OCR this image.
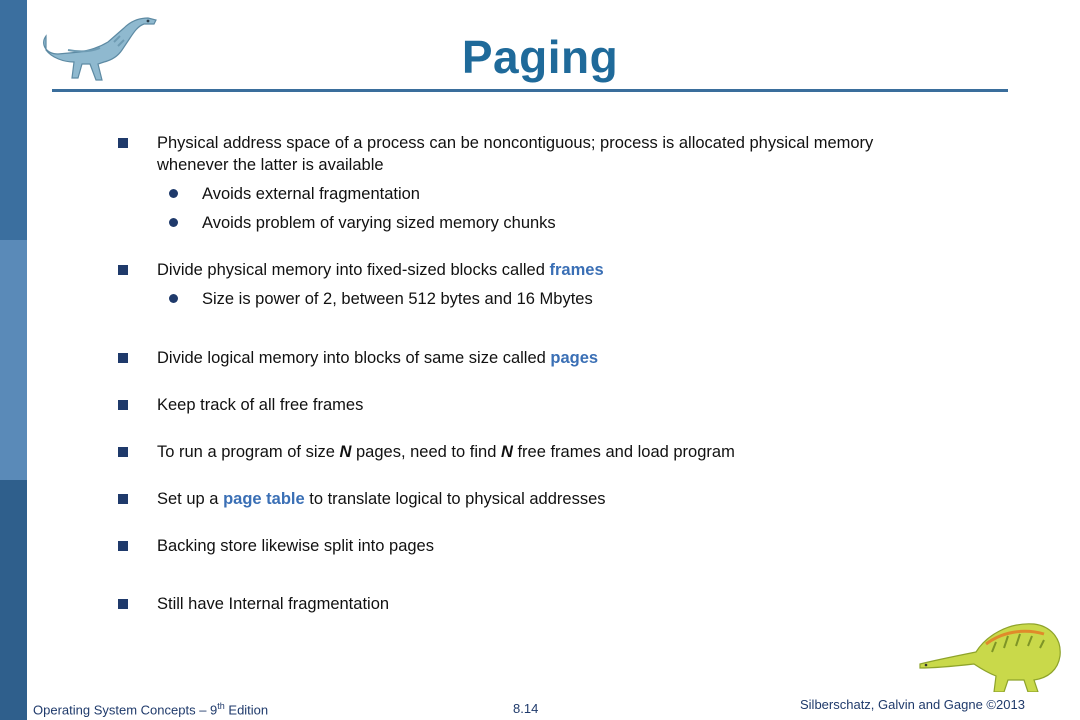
Paging
Physical address space of a process can be noncontiguous; process is allocated physical memory
whenever the latter is available
Avoids external fragmentation
Avoids problem of varying sized memory chunks
Divide physical memory into fixed-sized blocks called frames
Size is power of 2, between 512 bytes and 16 Mbytes
Divide logical memory into blocks of same size called pages
Keep track of all free frames
To run a program of size N pages, need to find N free frames and load program
Set up a page table to translate logical to physical addresses
Backing store likewise split into pages
Still have Internal fragmentation
Operating System Concepts – 9th Edition	8.14	Silberschatz, Galvin and Gagne ©2013
